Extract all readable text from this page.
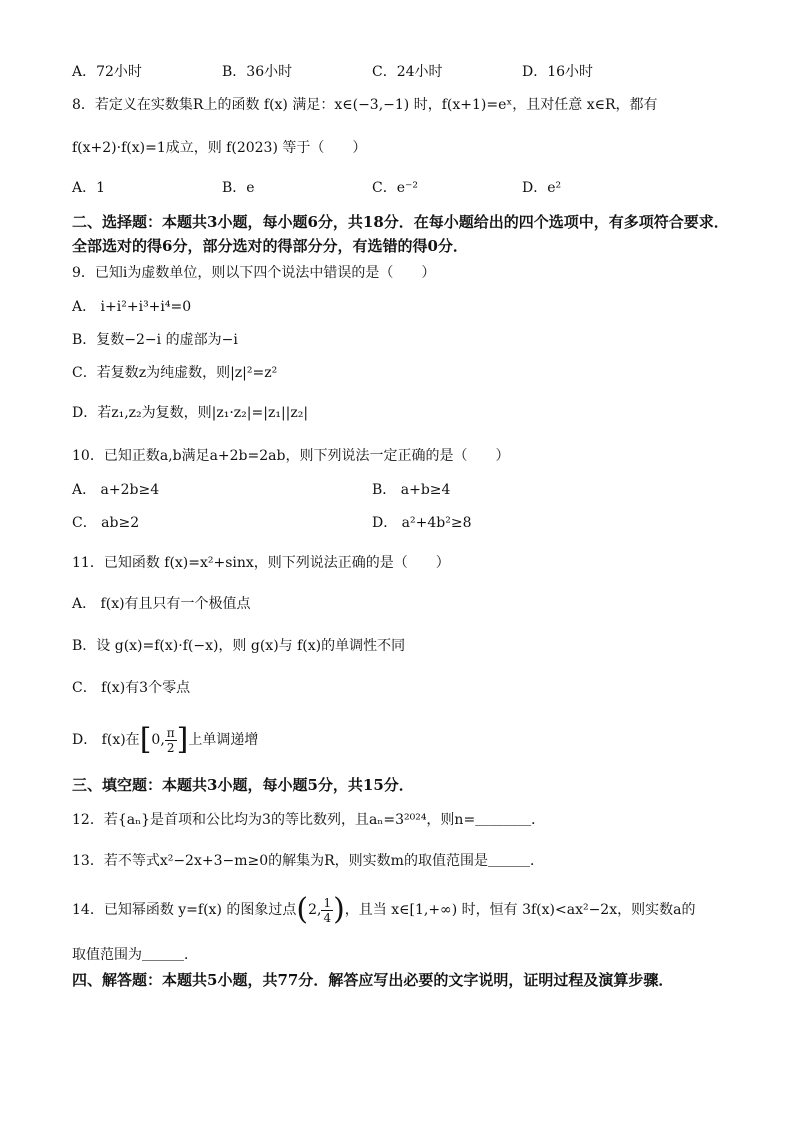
A．72小时	B．36小时	C．24小时	D．16小时
8．若定义在实数集R上的函数 f(x) 满足：x∈(−3,−1) 时，f(x+1)=eˣ，且对任意 x∈R，都有
f(x+2)·f(x)=1成立，则 f(2023) 等于（　　）
A．1	B．e	C．e⁻²	D．e²
二、选择题：本题共3小题，每小题6分，共18分．在每小题给出的四个选项中，有多项符合要求．全部选对的得6分，部分选对的得部分分，有选错的得0分．
9．已知i为虚数单位，则以下四个说法中错误的是（　　）
A． i+i²+i³+i⁴=0
B．复数−2−i 的虚部为−i
C．若复数z为纯虚数，则|z|²=z²
D．若z₁,z₂为复数，则|z₁·z₂|=|z₁||z₂|
10．已知正数a,b满足a+2b=2ab，则下列说法一定正确的是（　　）
A． a+2b≥4	B． a+b≥4
C． ab≥2	D． a²+4b²≥8
11．已知函数 f(x)=x²+sinx，则下列说法正确的是（　　）
A． f(x)有且只有一个极值点
B．设 g(x)=f(x)·f(−x)，则 g(x)与 f(x)的单调性不同
C． f(x)有3个零点
D． f(x)在[0, $\frac{\pi}{2}$ ]上单调递增
三、填空题：本题共3小题，每小题5分，共15分．
12．若{aₙ}是首项和公比均为3的等比数列，且aₙ=3²⁰²⁴，则n=＿＿＿＿．
13．若不等式x²−2x+3−m≥0的解集为R，则实数m的取值范围是＿＿＿．
14．已知幂函数 y=f(x) 的图象过点(2, $\frac{1}{4}$ )，且当 x∈[1,+∞) 时，恒有 3f(x)<ax²−2x，则实数a的
取值范围为＿＿＿．
四、解答题：本题共5小题，共77分．解答应写出必要的文字说明，证明过程及演算步骤．
